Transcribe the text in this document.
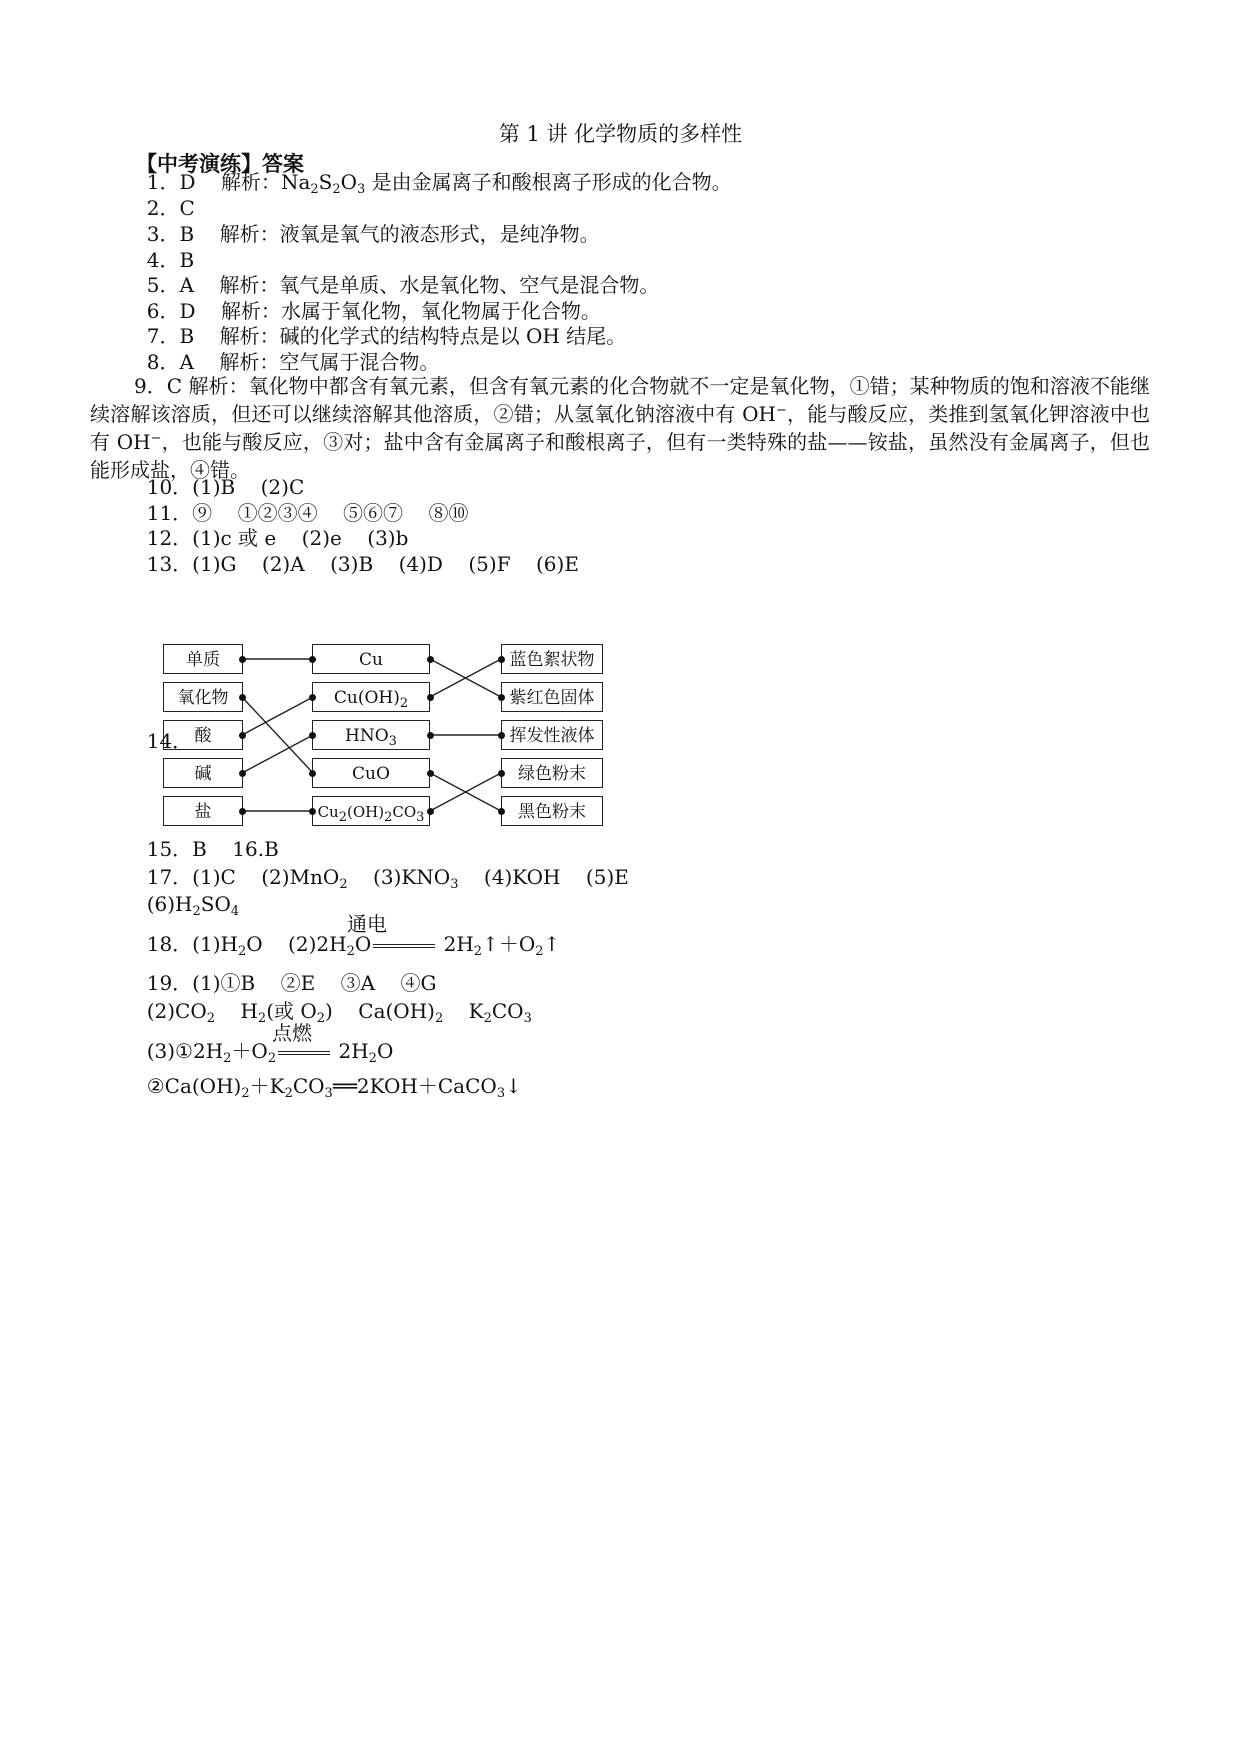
第 1 讲 化学物质的多样性
【中考演练】答案
1．D 解析：$Na_2S_2O_3$ 是由金属离子和酸根离子形成的化合物。
2．C
3．B 解析：液氧是氧气的液态形式，是纯净物。
4．B
5．A 解析：氧气是单质、水是氧化物、空气是混合物。
6．D 解析：水属于氧化物，氧化物属于化合物。
7．B 解析：碱的化学式的结构特点是以 OH 结尾。
8．A 解析：空气属于混合物。
9．C 解析：氧化物中都含有氧元素，但含有氧元素的化合物就不一定是氧化物，①错；某种物质的饱和溶液不能继续溶解该溶质，但还可以继续溶解其他溶质，②错；从氢氧化钠溶液中有 OH−，能与酸反应，类推到氢氧化钾溶液中也有 OH−，也能与酸反应，③对；盐中含有金属离子和酸根离子，但有一类特殊的盐——铵盐，虽然没有金属离子，但也能形成盐，④错。
10．(1)B    (2)C
11．⑨    ①②③④    ⑤⑥⑦    ⑧⑩
12．(1)c 或 e    (2)e    (3)b
13．(1)G    (2)A    (3)B    (4)D    (5)F    (6)E
14．
单质
氧化物
酸
碱
盐
Cu
$Cu(OH)_2$
$HNO_3$
CuO
$Cu_2(OH)_2CO_3$
蓝色絮状物
紫红色固体
挥发性液体
绿色粉末
黑色粉末
15．B    16.B
17．(1)C    (2)MnO$_2$    $(3)KNO_3$    (4)KOH    (5)E
$(6)H_2SO_4$
通电
18．$(1)H_2O$    $(2)2H_2O$	$2H_2↑+O_2↑$
19．(1)①B    ②E    ③A    ④G
$(2)CO_2$    $H_2$(或 $O_2$)    $Ca(OH)_2$    $K_2CO_3$
点燃
$(3)①2H_2+O_2$	$2H_2O$
$②Ca(OH)_2+K_2CO_3══2KOH+CaCO_3↓$
